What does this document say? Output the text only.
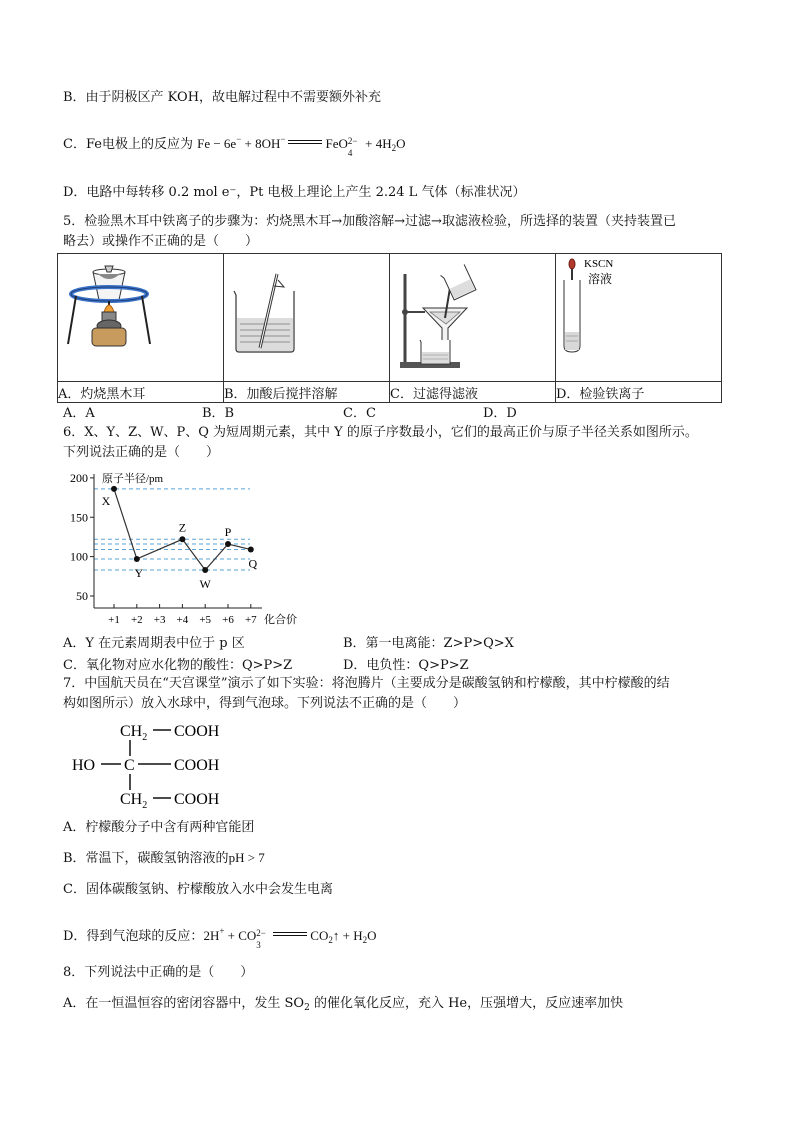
B．由于阴极区产 KOH，故电解过程中不需要额外补充
C．Fe电极上的反应为 Fe − 6e− + 8OH−	FeO 2−
4
+ $4H_2O$
D．电路中每转移 0.2 mol e⁻，Pt 电极上理论上产生 2.24 L 气体（标准状况）
5．检验黑木耳中铁离子的步骤为：灼烧黑木耳→加酸溶解→过滤→取滤液检验，所选择的装置（夹持装置已
略去）或操作不正确的是（　　）

KSCN
溶液

A．灼烧黑木耳	B．加酸后搅拌溶解	C．过滤得滤液	D．检验铁离子
A．A	B．B	C．C	D．D
6．X、Y、Z、W、P、Q 为短周期元素，其中 Y 的原子序数最小，它们的最高正价与原子半径关系如图所示。
下列说法正确的是（　　）
原子半径/pm
化合价
50
100
150
200
+1 +2 +3 +4 +5 +6 +7
X
Y
Z
W
P
Q
A．Y 在元素周期表中位于 p 区	B．第一电离能：Z>P>Q>X
C．氧化物对应水化物的酸性：Q>P>Z	D．电负性：Q>P>Z
7．中国航天员在“天宫课堂”演示了如下实验：将泡腾片（主要成分是碳酸氢钠和柠檬酸，其中柠檬酸的结
构如图所示）放入水球中，得到气泡球。下列说法不正确的是（　　）
$CH_2$ COOH
HO C COOH
$CH_2$ COOH
A．柠檬酸分子中含有两种官能团
B．常温下，碳酸氢钠溶液的pH > 7
C．固体碳酸氢钠、柠檬酸放入水中会发生电离
D．得到气泡球的反应：2H+ + CO 2−
3
$CO_2↑ + H_2O$
8．下列说法中正确的是（　　）
A．在一恒温恒容的密闭容器中，发生 $SO_2$ 的催化氧化反应，充入 He，压强增大，反应速率加快
